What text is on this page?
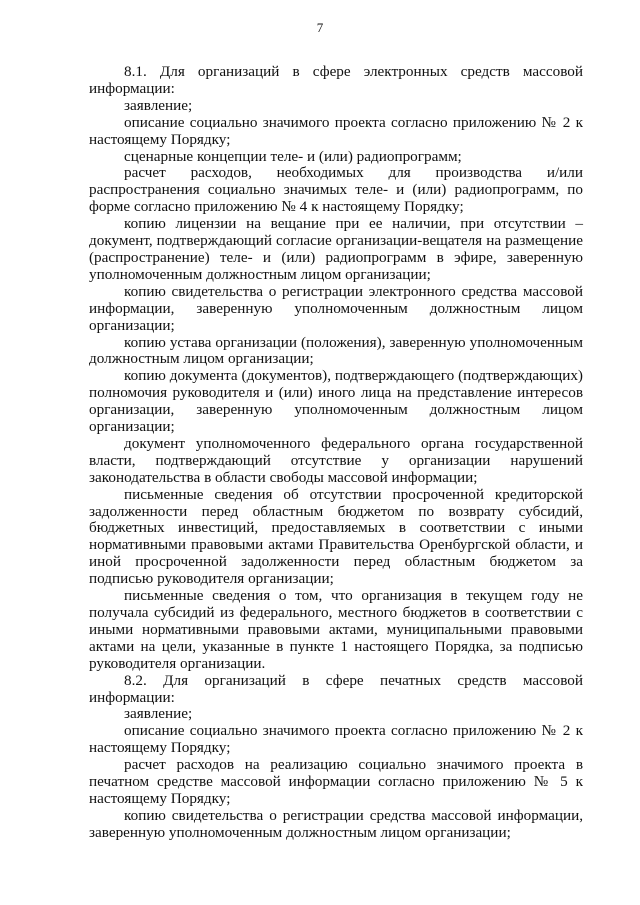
7

8.1. Для организаций в сфере электронных средств массовой информации:

заявление;

описание социально значимого проекта согласно приложению № 2 к настоящему Порядку;

сценарные концепции теле- и (или) радиопрограмм;

расчет расходов, необходимых для производства и/или распространения социально значимых теле- и (или) радиопрограмм, по форме согласно приложению № 4 к настоящему Порядку;

копию лицензии на вещание при ее наличии, при отсутствии – документ, подтверждающий согласие организации-вещателя на размещение (распространение) теле- и (или) радиопрограмм в эфире, заверенную уполномоченным должностным лицом организации;

копию свидетельства о регистрации электронного средства массовой информации, заверенную уполномоченным должностным лицом организации;

копию устава организации (положения), заверенную уполномоченным должностным лицом организации;

копию документа (документов), подтверждающего (подтверждающих) полномочия руководителя и (или) иного лица на представление интересов организации, заверенную уполномоченным должностным лицом организации;

документ уполномоченного федерального органа государственной власти, подтверждающий отсутствие у организации нарушений законодательства в области свободы массовой информации;

письменные сведения об отсутствии просроченной кредиторской задолженности перед областным бюджетом по возврату субсидий, бюджетных инвестиций, предоставляемых в соответствии с иными нормативными правовыми актами Правительства Оренбургской области, и иной просроченной задолженности перед областным бюджетом за подписью руководителя организации;

письменные сведения о том, что организация в текущем году не получала субсидий из федерального, местного бюджетов в соответствии с иными нормативными правовыми актами, муниципальными правовыми актами на цели, указанные в пункте 1 настоящего Порядка, за подписью руководителя организации.

8.2. Для организаций в сфере печатных средств массовой информации:

заявление;

описание социально значимого проекта согласно приложению № 2 к настоящему Порядку;

расчет расходов на реализацию социально значимого проекта в печатном средстве массовой информации согласно приложению № 5 к настоящему Порядку;

копию свидетельства о регистрации средства массовой информации, заверенную уполномоченным должностным лицом организации;
